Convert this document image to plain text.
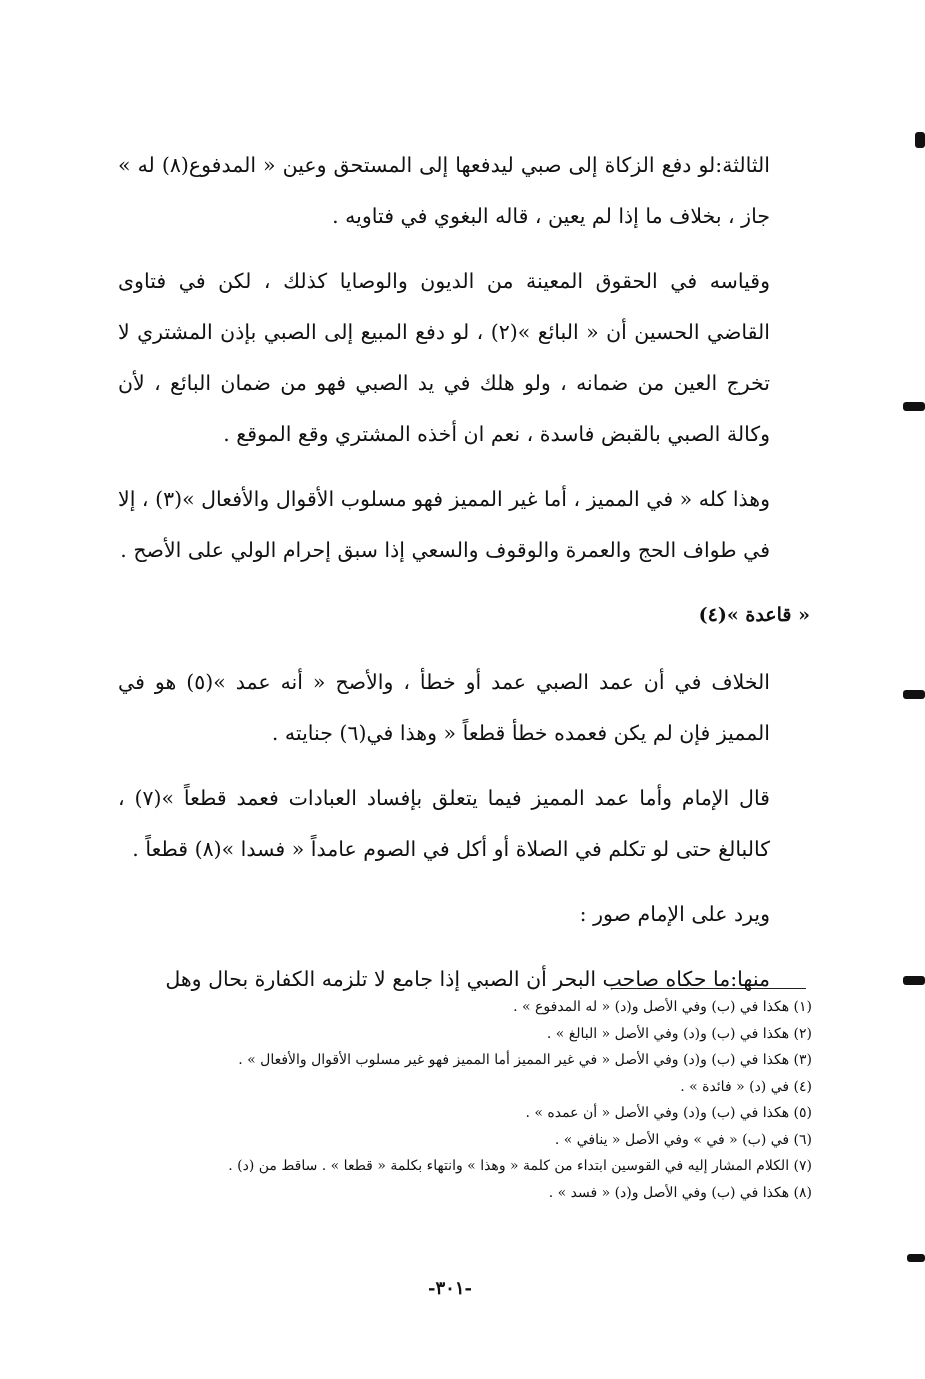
الثالثة:لو دفع الزكاة إلى صبي ليدفعها إلى المستحق وعين « المدفوع(٨) له » جاز ، بخلاف ما إذا لم يعين ، قاله البغوي في فتاويه .

وقياسه في الحقوق المعينة من الديون والوصايا كذلك ، لكن في فتاوى القاضي الحسين أن « البائع »(٢) ، لو دفع المبيع إلى الصبي بإذن المشتري لا تخرج العين من ضمانه ، ولو هلك في يد الصبي فهو من ضمان البائع ، لأن وكالة الصبي بالقبض فاسدة ، نعم ان أخذه المشتري وقع الموقع .

وهذا كله « في المميز ، أما غير المميز فهو مسلوب الأقوال والأفعال »(٣) ، إلا في طواف الحج والعمرة والوقوف والسعي إذا سبق إحرام الولي على الأصح .

« قاعدة »(٤)

الخلاف في أن عمد الصبي عمد أو خطأ ، والأصح « أنه عمد »(٥) هو في المميز فإن لم يكن فعمده خطأ قطعاً « وهذا في(٦) جنايته .

قال الإمام وأما عمد المميز فيما يتعلق بإفساد العبادات فعمد قطعاً »(٧) ، كالبالغ حتى لو تكلم في الصلاة أو أكل في الصوم عامداً « فسدا »(٨) قطعاً .

ويرد على الإمام صور :

منها:ما حكاه صاحب البحر أن الصبي إذا جامع لا تلزمه الكفارة بحال وهل

(١) هكذا في (ب) وفي الأصل و(د) « له المدفوع » .

(٢) هكذا في (ب) و(د) وفي الأصل « البالغ » .

(٣) هكذا في (ب) و(د) وفي الأصل « في غير المميز أما المميز فهو غير مسلوب الأقوال والأفعال » .

(٤) في (د) « فائدة » .

(٥) هكذا في (ب) و(د) وفي الأصل « أن عمده » .

(٦) في (ب) « في » وفي الأصل « ينافي » .

(٧) الكلام المشار إليه في القوسين ابتداء من كلمة « وهذا » وانتهاء بكلمة « قطعا » . ساقط من (د) .

(٨) هكذا في (ب) وفي الأصل و(د) « فسد » .

-٣٠١-
